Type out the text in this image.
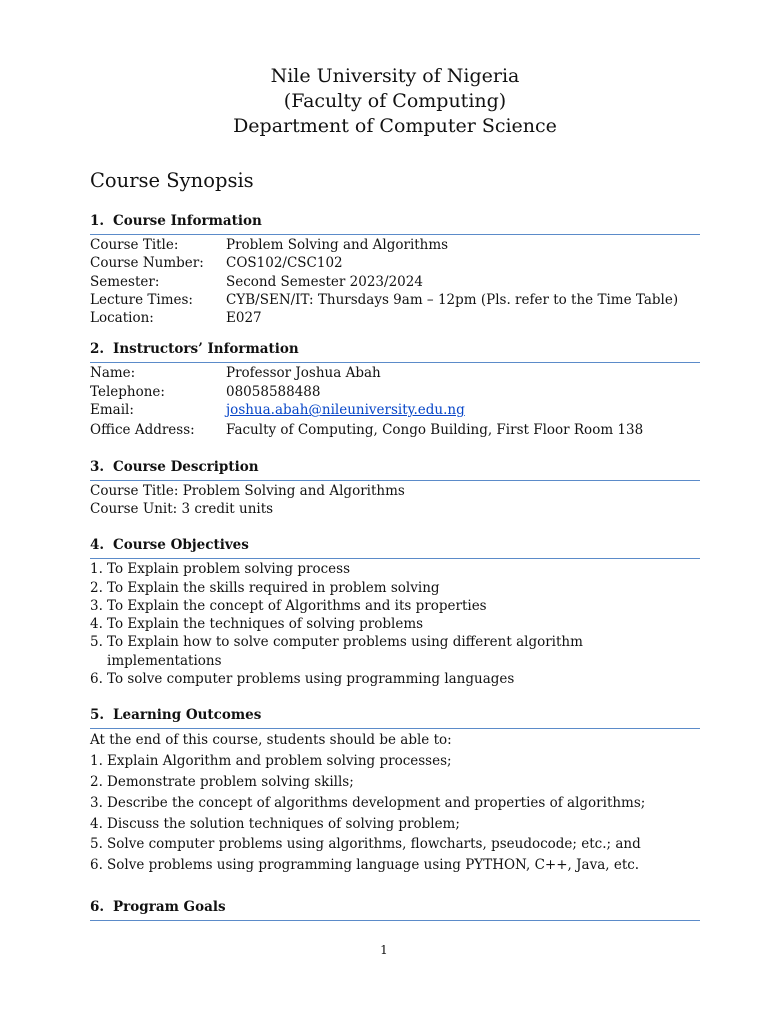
Nile University of Nigeria
(Faculty of Computing)
Department of Computer Science
Course Synopsis
1. Course Information
Course Title:	Problem Solving and Algorithms
Course Number:	COS102/CSC102
Semester:	Second Semester 2023/2024
Lecture Times:	CYB/SEN/IT: Thursdays 9am – 12pm (Pls. refer to the Time Table)
Location:	E027
2. Instructors’ Information
Name:	Professor Joshua Abah
Telephone:	08058588488
Email:	joshua.abah@nileuniversity.edu.ng
Office Address:	Faculty of Computing, Congo Building, First Floor Room 138
3. Course Description
Course Title: Problem Solving and Algorithms
Course Unit: 3 credit units
4. Course Objectives
1. To Explain problem solving process
2. To Explain the skills required in problem solving
3. To Explain the concept of Algorithms and its properties
4. To Explain the techniques of solving problems
5. To Explain how to solve computer problems using different algorithm implementations
6. To solve computer problems using programming languages
5. Learning Outcomes
At the end of this course, students should be able to:
1. Explain Algorithm and problem solving processes;
2. Demonstrate problem solving skills;
3. Describe the concept of algorithms development and properties of algorithms;
4. Discuss the solution techniques of solving problem;
5. Solve computer problems using algorithms, flowcharts, pseudocode; etc.; and
6. Solve problems using programming language using PYTHON, C++, Java, etc.
6. Program Goals
1
